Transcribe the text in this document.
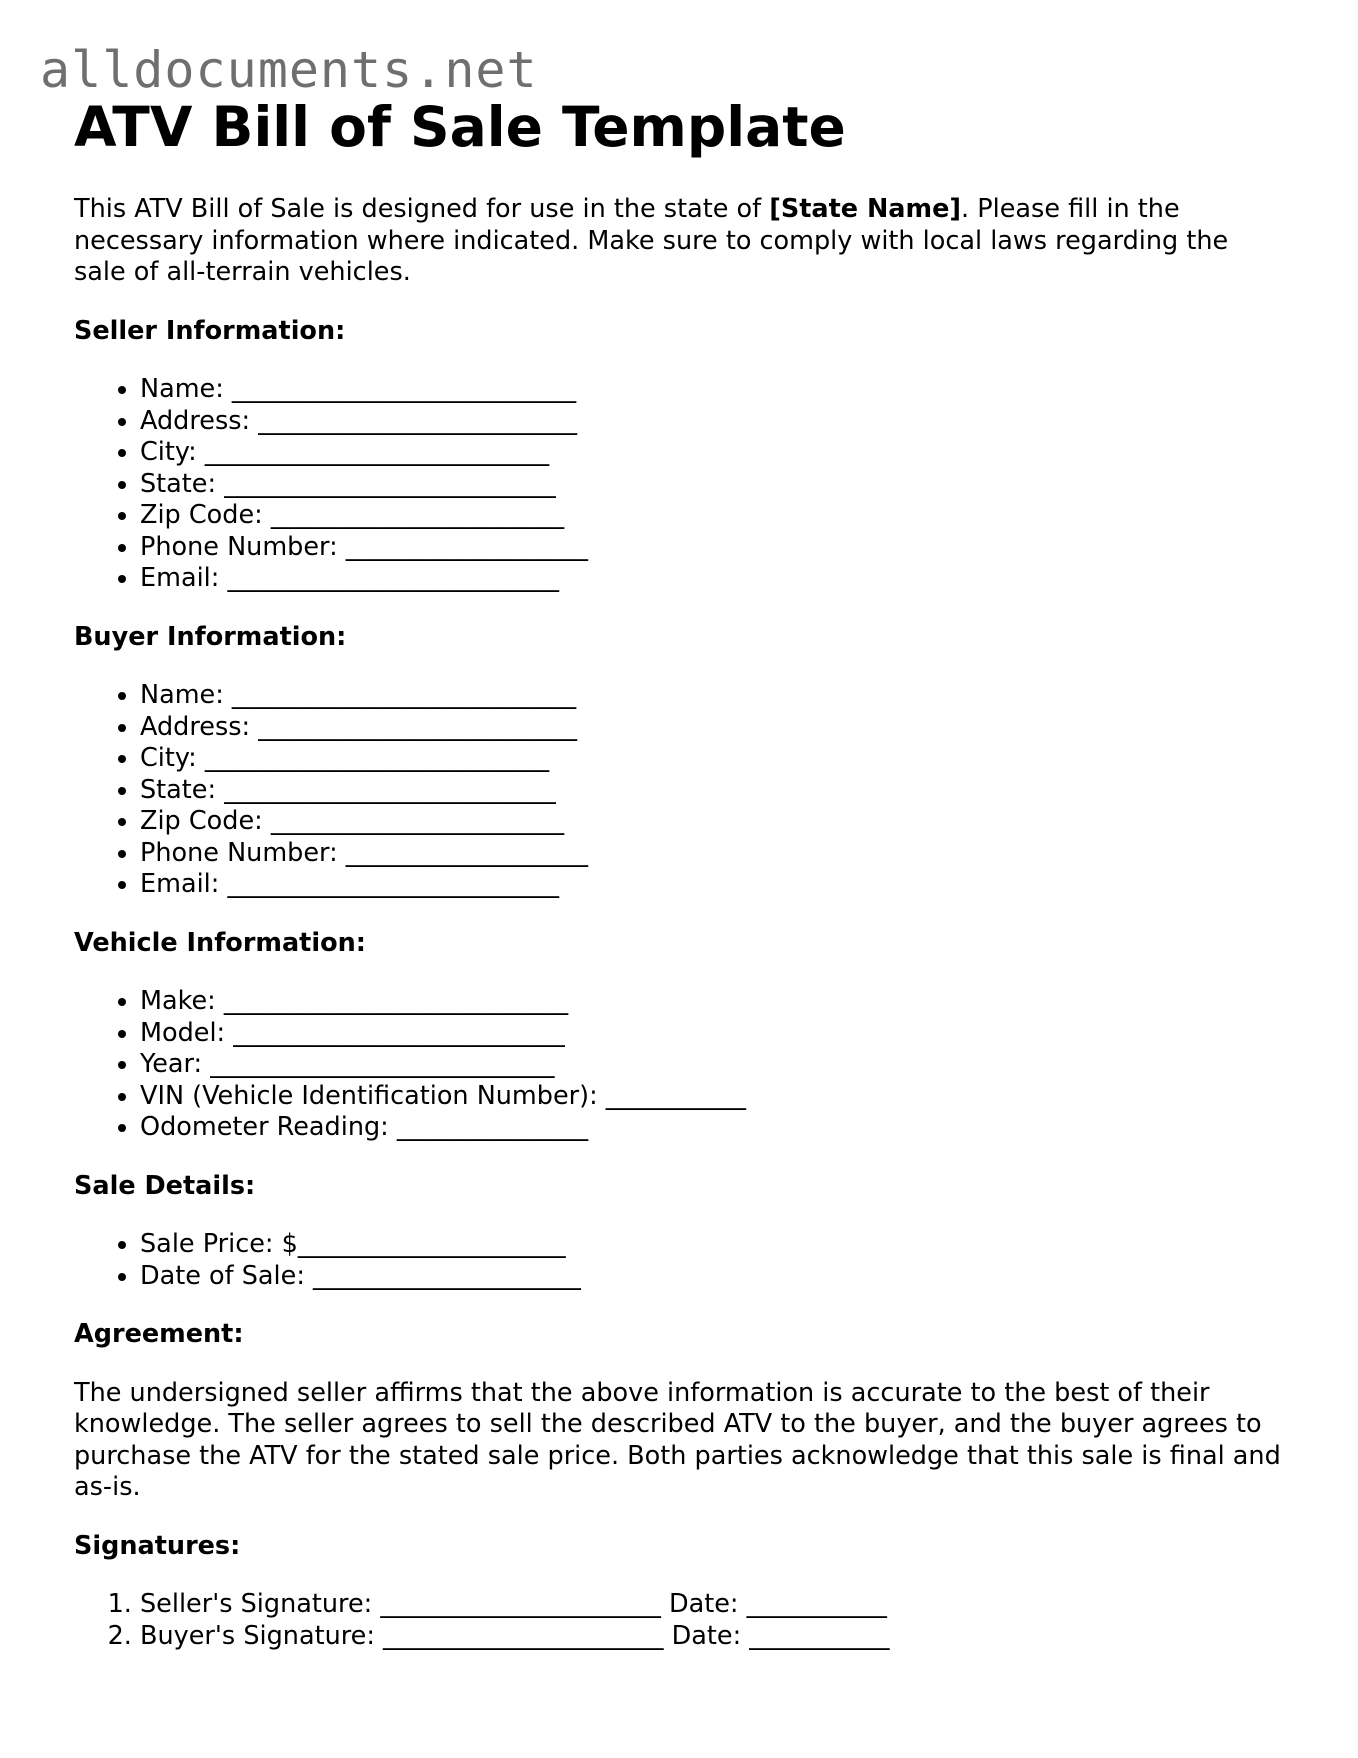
alldocuments.net
ATV Bill of Sale Template

This ATV Bill of Sale is designed for use in the state of [State Name]. Please fill in the necessary information where indicated. Make sure to comply with local laws regarding the sale of all-terrain vehicles.

Seller Information:
• Name: ___________________________
• Address: _________________________
• City: ___________________________
• State: __________________________
• Zip Code: _______________________
• Phone Number: ___________________
• Email: __________________________
Buyer Information:
• Name: ___________________________
• Address: _________________________
• City: ___________________________
• State: __________________________
• Zip Code: _______________________
• Phone Number: ___________________
• Email: __________________________
Vehicle Information:
• Make: ___________________________
• Model: __________________________
• Year: ___________________________
• VIN (Vehicle Identification Number): ___________
• Odometer Reading: _______________
Sale Details:
• Sale Price: $_____________________
• Date of Sale: _____________________
Agreement:

The undersigned seller affirms that the above information is accurate to the best of their knowledge. The seller agrees to sell the described ATV to the buyer, and the buyer agrees to purchase the ATV for the stated sale price. Both parties acknowledge that this sale is final and as-is.

Signatures:
1. Seller's Signature: ______________________ Date: ___________
2. Buyer's Signature: ______________________ Date: ___________
